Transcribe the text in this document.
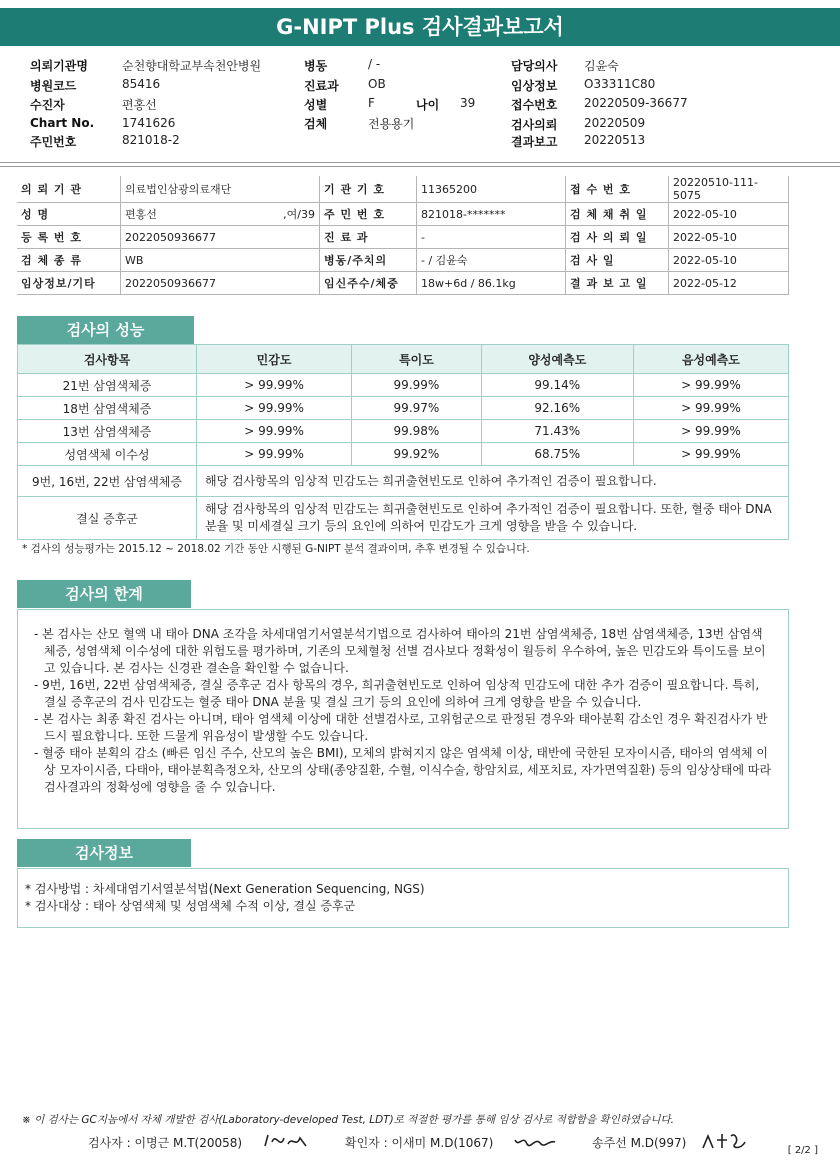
G-NIPT Plus 검사결과보고서
의뢰기관명	순천향대학교부속천안병원
병원코드	85416
수진자	편홍선
Chart No. 1741626
주민번호	821018-2
병동	/ -
진료과 OB
성별	F	나이 39
검체	전용용기
담당의사 김윤숙
임상정보 O33311C80
접수번호 20220509-36677
검사의뢰 20220509
결과보고 20220513
의 뢰 기 관	의료법인삼광의료재단	기 관 기 호	11365200	접 수 번 호	20220510-111-5075
성 명	편홍선 ,여/39	주 민 번 호	821018-*******	검 체 채 취 일	2022-05-10
등 록 번 호	2022050936677	진 료 과	-	검 사 의 뢰 일	2022-05-10
검 체 종 류	WB	병동/주치의	- / 김윤숙	검 사 일	2022-05-10
임상정보/기타	2022050936677	임신주수/체중	18w+6d / 86.1kg	결 과 보 고 일	2022-05-12
검사의 성능
검사항목	민감도	특이도	양성예측도	음성예측도
21번 삼염색체증	> 99.99%	99.99%	99.14%	> 99.99%
18번 삼염색체증	> 99.99%	99.97%	92.16%	> 99.99%
13번 삼염색체증	> 99.99%	99.98%	71.43%	> 99.99%
성염색체 이수성	> 99.99%	99.92%	68.75%	> 99.99%
9번, 16번, 22번 삼염색체증	해당 검사항목의 임상적 민감도는 희귀출현빈도로 인하여 추가적인 검증이 필요합니다.			
결실 증후군	해당 검사항목의 임상적 민감도는 희귀출현빈도로 인하여 추가적인 검증이 필요합니다. 또한, 혈중 태아 DNA 분율 및 미세결실 크기 등의 요인에 의하여 민감도가 크게 영향을 받을 수 있습니다.			
* 검사의 성능평가는 2015.12 ~ 2018.02 기간 동안 시행된 G-NIPT 분석 결과이며, 추후 변경될 수 있습니다.
검사의 한계
- 본 검사는 산모 혈액 내 태아 DNA 조각을 차세대염기서열분석기법으로 검사하여 태아의 21번 삼염색체증, 18번 삼염색체증, 13번 삼염색체증, 성염색체 이수성에 대한 위험도를 평가하며, 기존의 모체혈청 선별 검사보다 정확성이 월등히 우수하여, 높은 민감도와 특이도를 보이고 있습니다. 본 검사는 신경관 결손을 확인할 수 없습니다.
- 9번, 16번, 22번 삼염색체증, 결실 증후군 검사 항목의 경우, 희귀출현빈도로 인하여 임상적 민감도에 대한 추가 검증이 필요합니다. 특히, 결실 증후군의 검사 민감도는 혈중 태아 DNA 분율 및 결실 크기 등의 요인에 의하여 크게 영향을 받을 수 있습니다.
- 본 검사는 최종 확진 검사는 아니며, 태아 염색체 이상에 대한 선별검사로, 고위험군으로 판정된 경우와 태아분획 감소인 경우 확진검사가 반드시 필요합니다. 또한 드물게 위음성이 발생할 수도 있습니다.
- 혈중 태아 분획의 감소 (빠른 임신 주수, 산모의 높은 BMI), 모체의 밝혀지지 않은 염색체 이상, 태반에 국한된 모자이시즘, 태아의 염색체 이상 모자이시즘, 다태아, 태아분획측정오차, 산모의 상태(종양질환, 수혈, 이식수술, 항암치료, 세포치료, 자가면역질환) 등의 임상상태에 따라 검사결과의 정확성에 영향을 줄 수 있습니다.
검사정보
* 검사방법 : 차세대염기서열분석법(Next Generation Sequencing, NGS)
* 검사대상 : 태아 상염색체 및 성염색체 수적 이상, 결실 증후군
※ 이 검사는 GC지놈에서 자체 개발한 검사(Laboratory-developed Test, LDT)로 적절한 평가를 통해 임상 검사로 적합함을 확인하였습니다.
검사자 : 이명근 M.T(20058)	확인자 : 이새미 M.D(1067)	송주선 M.D(997)
[ 2/2 ]
